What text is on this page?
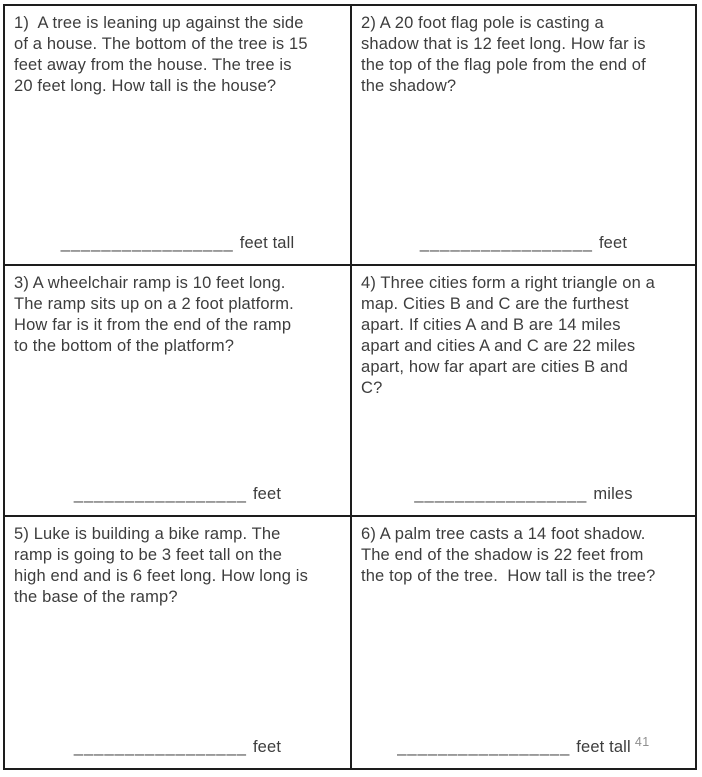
1)  A tree is leaning up against the side
of a house. The bottom of the tree is 15
feet away from the house. The tree is
20 feet long. How tall is the house?
_________________ feet tall
2) A 20 foot flag pole is casting a
shadow that is 12 feet long. How far is
the top of the flag pole from the end of
the shadow?
_________________ feet
3) A wheelchair ramp is 10 feet long.
The ramp sits up on a 2 foot platform.
How far is it from the end of the ramp
to the bottom of the platform?
_________________ feet
4) Three cities form a right triangle on a
map. Cities B and C are the furthest
apart. If cities A and B are 14 miles
apart and cities A and C are 22 miles
apart, how far apart are cities B and
C?
_________________ miles
5) Luke is building a bike ramp. The
ramp is going to be 3 feet tall on the
high end and is 6 feet long. How long is
the base of the ramp?
_________________ feet
6) A palm tree casts a 14 foot shadow.
The end of the shadow is 22 feet from
the top of the tree.  How tall is the tree?
_________________ feet tall $^{41}$
